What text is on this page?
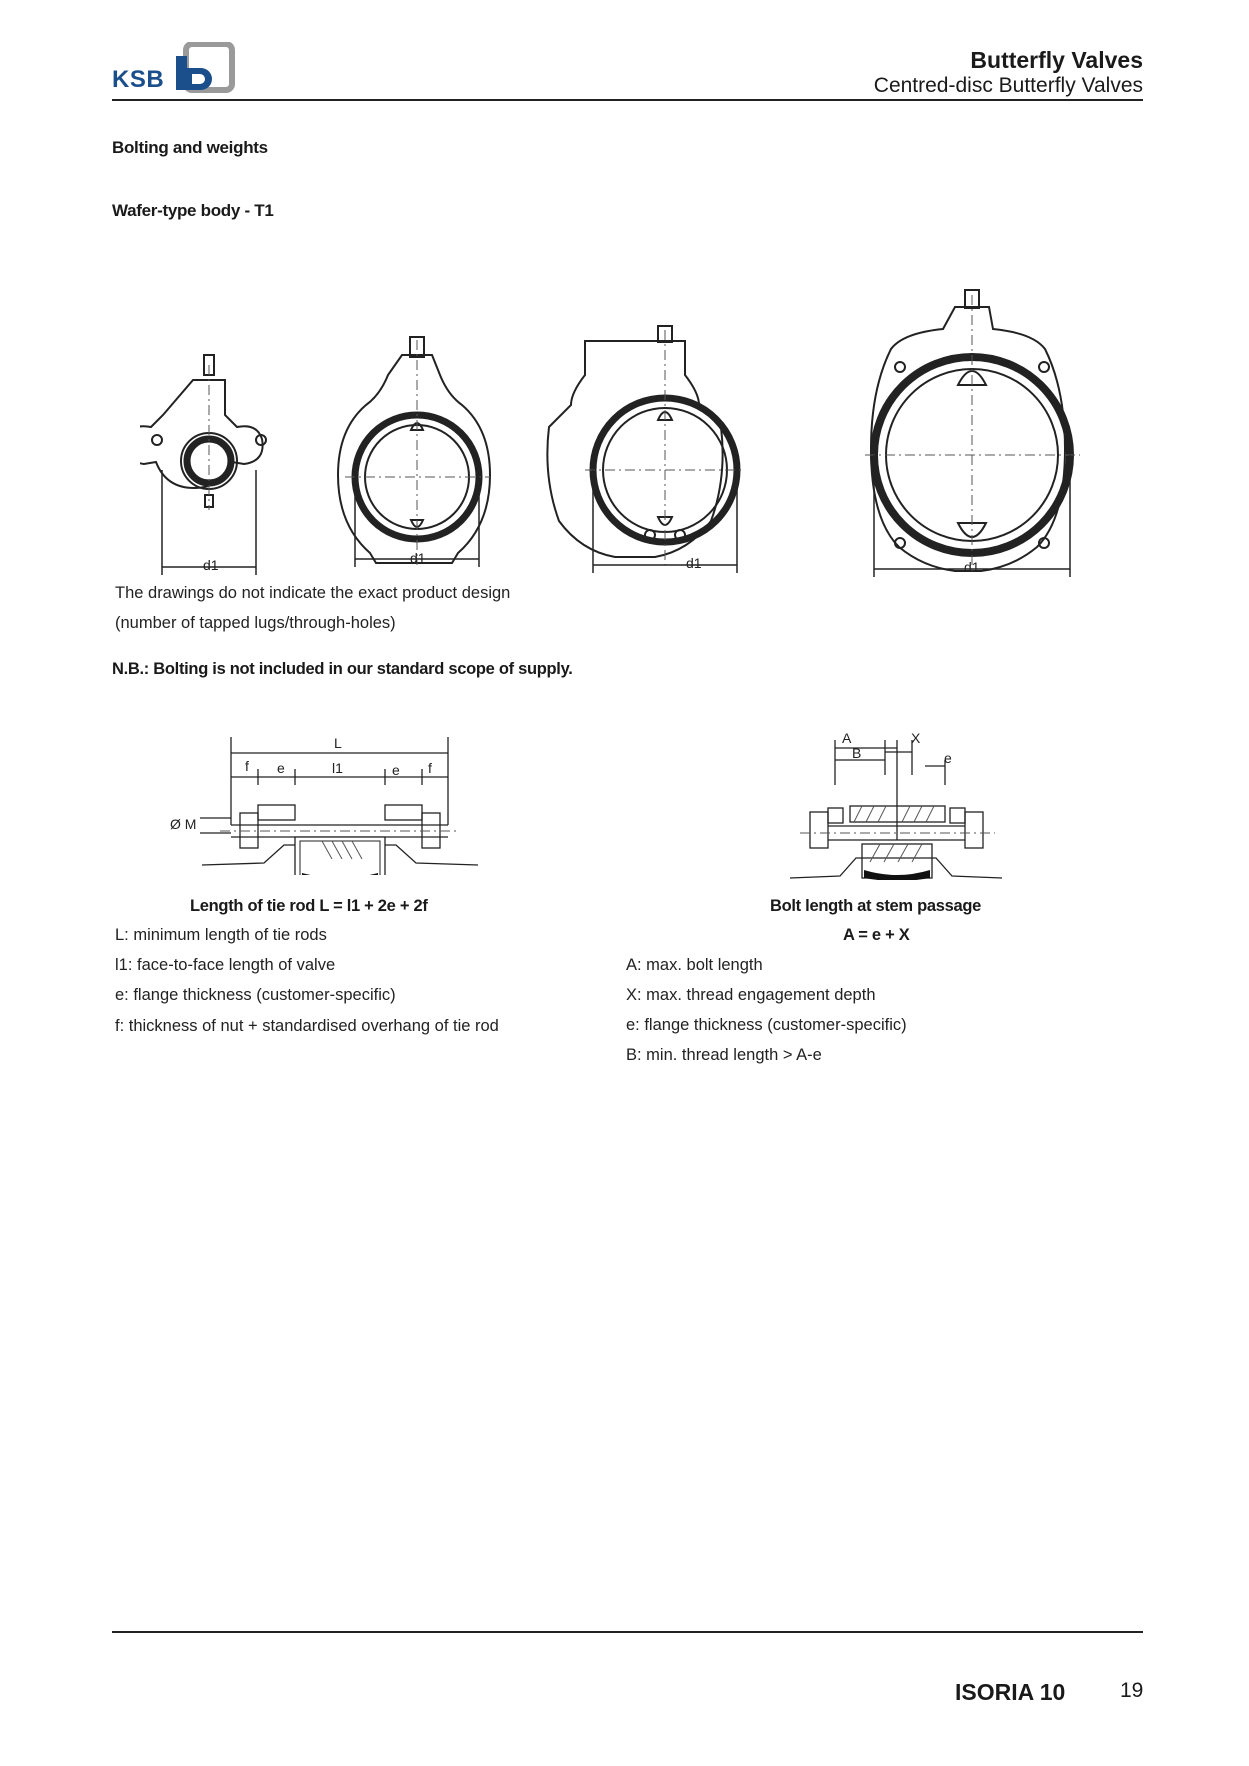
KSB
Butterfly Valves
Centred-disc Butterfly Valves
Bolting and weights
Wafer-type body - T1
d1	d1	d1	d1
The drawings do not indicate the exact product design
(number of tapped lugs/through-holes)
N.B.: Bolting is not included in our standard scope of supply.
L
f e	l1	e f
Ø M
Length of tie rod L = l1 + 2e + 2f
A
B
X
e
Bolt length at stem passage
A = e + X
L: minimum length of tie rods
l1: face-to-face length of valve
e: flange thickness (customer-specific)
f: thickness of nut + standardised overhang of tie rod
A: max. bolt length
X: max. thread engagement depth
e: flange thickness (customer-specific)
B: min. thread length > A-e
ISORIA 10	19
